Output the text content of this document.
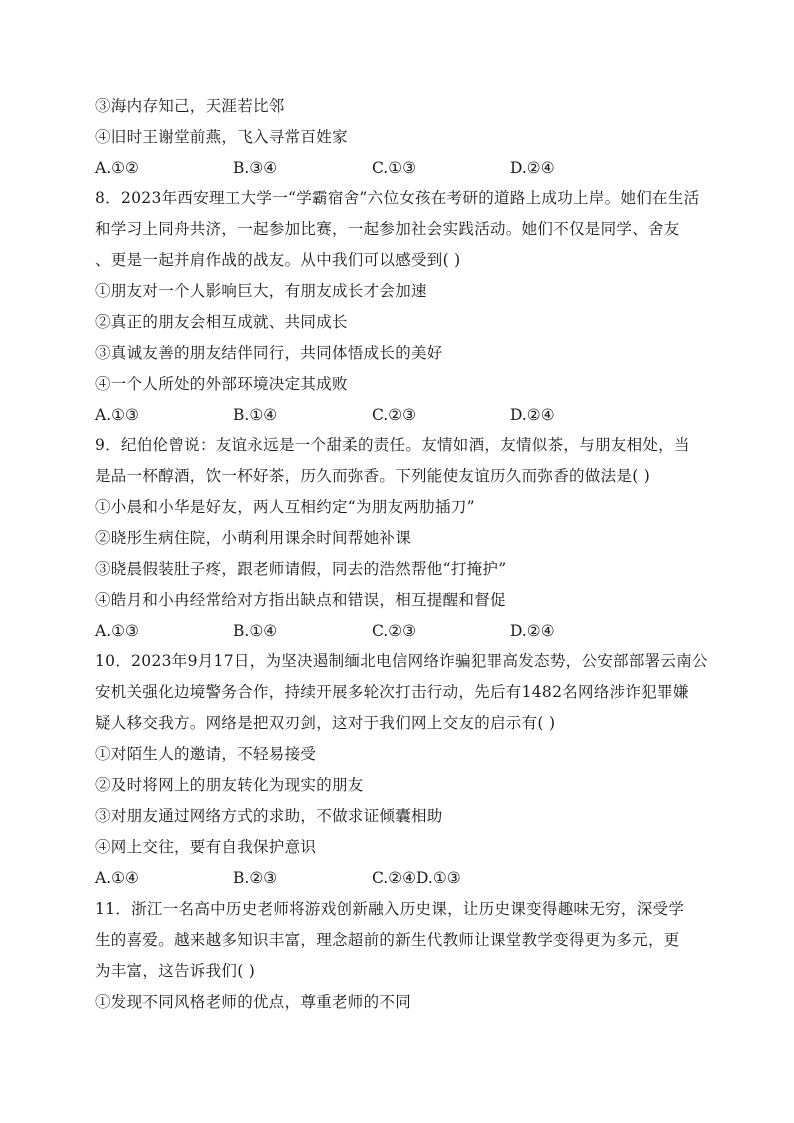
③海内存知己，天涯若比邻
④旧时王谢堂前燕，飞入寻常百姓家
A.①②	B.③④	C.①③	D.②④
8．2023年西安理工大学一“学霸宿舍”六位女孩在考研的道路上成功上岸。她们在生活
和学习上同舟共济，一起参加比赛，一起参加社会实践活动。她们不仅是同学、舍友
、更是一起并肩作战的战友。从中我们可以感受到( )
①朋友对一个人影响巨大，有朋友成长才会加速
②真正的朋友会相互成就、共同成长
③真诚友善的朋友结伴同行，共同体悟成长的美好
④一个人所处的外部环境决定其成败
A.①③	B.①④	C.②③	D.②④
9．纪伯伦曾说：友谊永远是一个甜柔的责任。友情如酒，友情似茶，与朋友相处，当
是品一杯醇酒，饮一杯好茶，历久而弥香。下列能使友谊历久而弥香的做法是( )
①小晨和小华是好友，两人互相约定“为朋友两肋插刀”
②晓彤生病住院，小萌利用课余时间帮她补课
③晓晨假装肚子疼，跟老师请假，同去的浩然帮他“打掩护”
④皓月和小冉经常给对方指出缺点和错误，相互提醒和督促
A.①③	B.①④	C.②③	D.②④
10．2023年9月17日，为坚决遏制缅北电信网络诈骗犯罪高发态势，公安部部署云南公
安机关强化边境警务合作，持续开展多轮次打击行动，先后有1482名网络涉诈犯罪嫌
疑人移交我方。网络是把双刃剑，这对于我们网上交友的启示有( )
①对陌生人的邀请，不轻易接受
②及时将网上的朋友转化为现实的朋友
③对朋友通过网络方式的求助，不做求证倾囊相助
④网上交往，要有自我保护意识
A.①④	B.②③	C.②④D.①③
11．浙江一名高中历史老师将游戏创新融入历史课，让历史课变得趣味无穷，深受学
生的喜爱。越来越多知识丰富，理念超前的新生代教师让课堂教学变得更为多元，更
为丰富，这告诉我们( )
①发现不同风格老师的优点，尊重老师的不同
